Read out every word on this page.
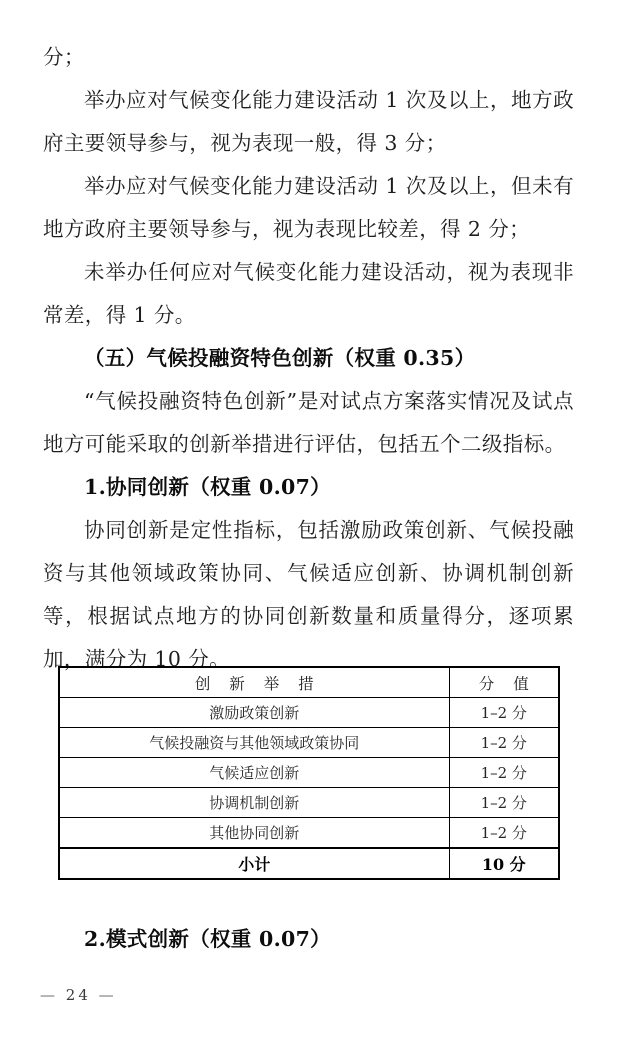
分；

举办应对气候变化能力建设活动 1 次及以上，地方政府主要领导参与，视为表现一般，得 3 分；

举办应对气候变化能力建设活动 1 次及以上，但未有地方政府主要领导参与，视为表现比较差，得 2 分；

未举办任何应对气候变化能力建设活动，视为表现非常差，得 1 分。

（五）气候投融资特色创新（权重 0.35）

“气候投融资特色创新”是对试点方案落实情况及试点地方可能采取的创新举措进行评估，包括五个二级指标。

1.协同创新（权重 0.07）

协同创新是定性指标，包括激励政策创新、气候投融资与其他领域政策协同、气候适应创新、协调机制创新等，根据试点地方的协同创新数量和质量得分，逐项累加，满分为 10 分。

创 新 举 措	分 值
激励政策创新	1–2 分
气候投融资与其他领域政策协同	1–2 分
气候适应创新	1–2 分
协调机制创新	1–2 分
其他协同创新	1–2 分
小计	10 分

2.模式创新（权重 0.07）

— 24 —
